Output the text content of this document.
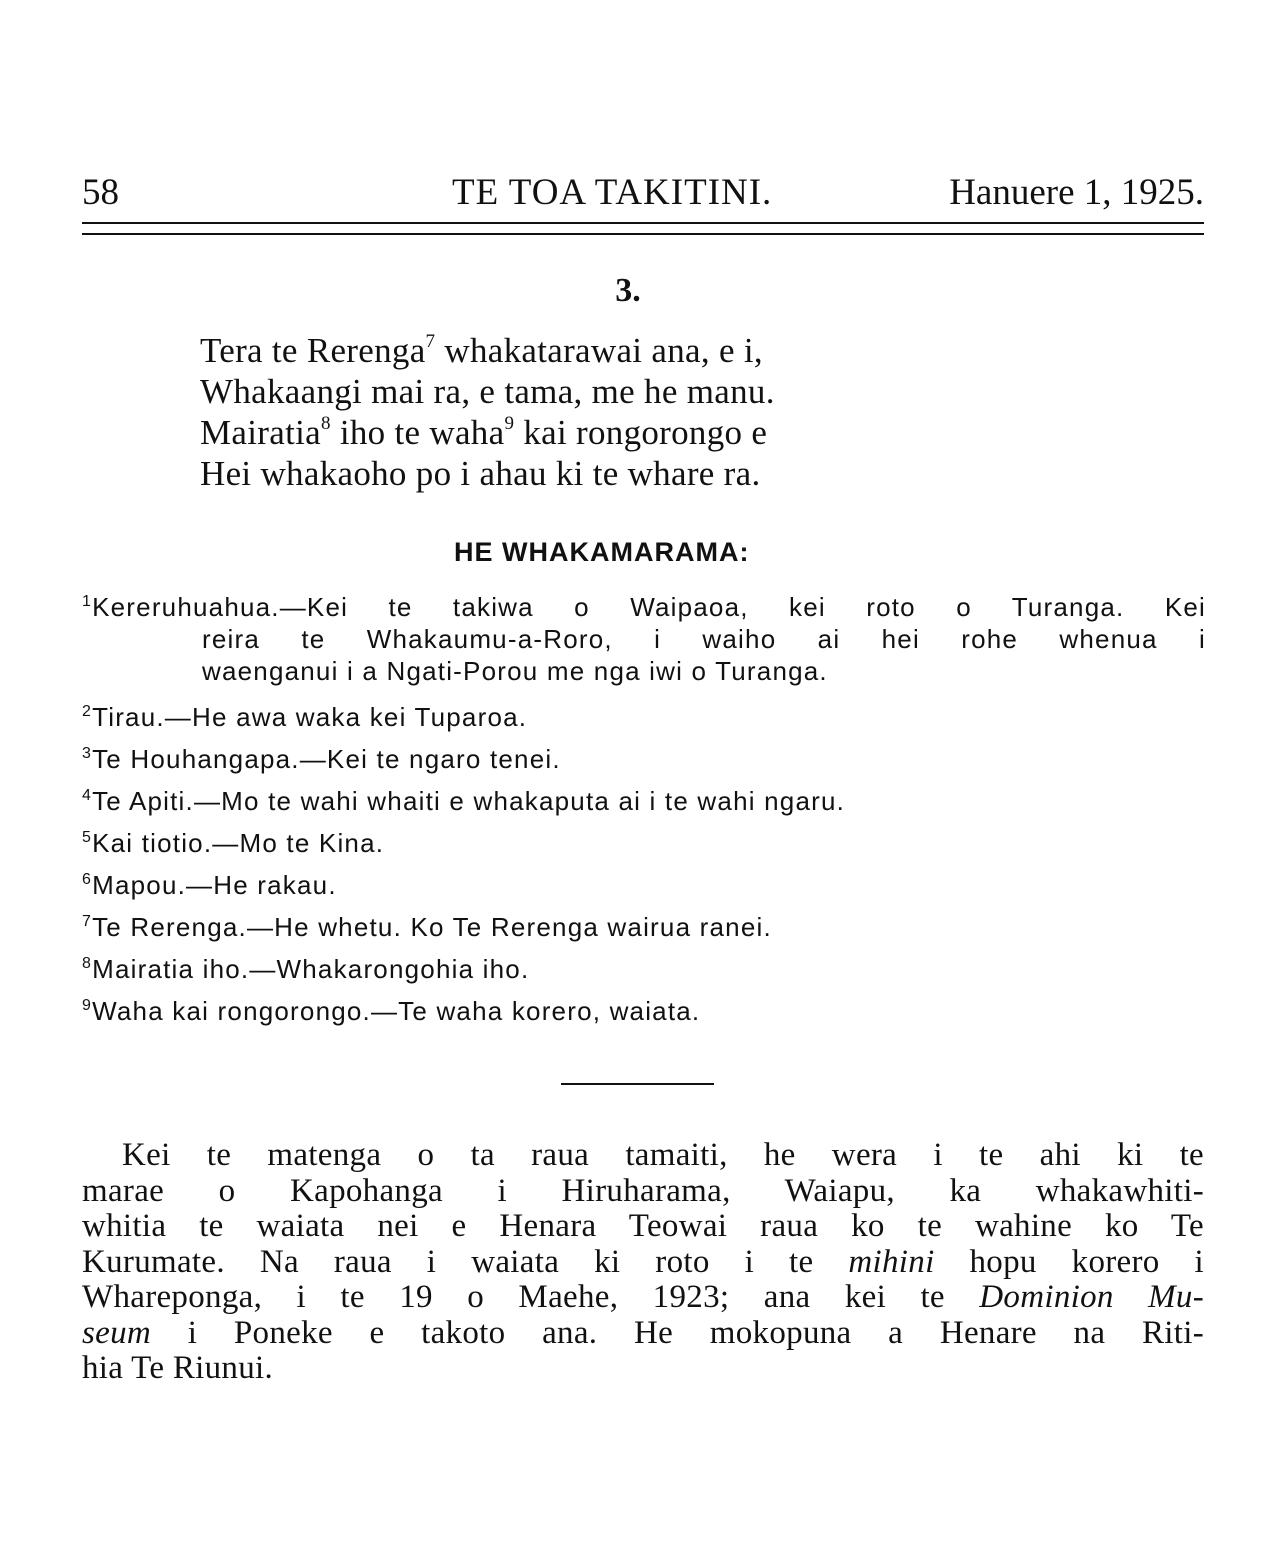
58	TE TOA TAKITINI.	Hanuere 1, 1925.
3.
Tera te Rerenga$^7$ whakatarawai ana, e i,
Whakaangi mai ra, e tama, me he manu.
Mairatia$^8$ iho te waha$^9$ kai rongorongo e
Hei whakaoho po i ahau ki te whare ra.
HE WHAKAMARAMA:
$^1$Kereruhuahua.—Kei te takiwa o Waipaoa, kei roto o Turanga. Kei
reira te Whakaumu-a-Roro, i waiho ai hei rohe whenua i
waenganui i a Ngati-Porou me nga iwi o Turanga.
$^2$Tirau.—He awa waka kei Tuparoa.
$^3$Te Houhangapa.—Kei te ngaro tenei.
$^4$Te Apiti.—Mo te wahi whaiti e whakaputa ai i te wahi ngaru.
$^5$Kai tiotio.—Mo te Kina.
$^6$Mapou.—He rakau.
$^7$Te Rerenga.—He whetu. Ko Te Rerenga wairua ranei.
$^8$Mairatia iho.—Whakarongohia iho.
$^9$Waha kai rongorongo.—Te waha korero, waiata.
Kei te matenga o ta raua tamaiti, he wera i te ahi ki te
marae o Kapohanga i Hiruharama, Waiapu, ka whakawhiti-
whitia te waiata nei e Henara Teowai raua ko te wahine ko Te
Kurumate. Na raua i waiata ki roto i te mihini hopu korero i
Whareponga, i te 19 o Maehe, 1923; ana kei te Dominion Mu-
seum i Poneke e takoto ana. He mokopuna a Henare na Riti-
hia Te Riunui.
